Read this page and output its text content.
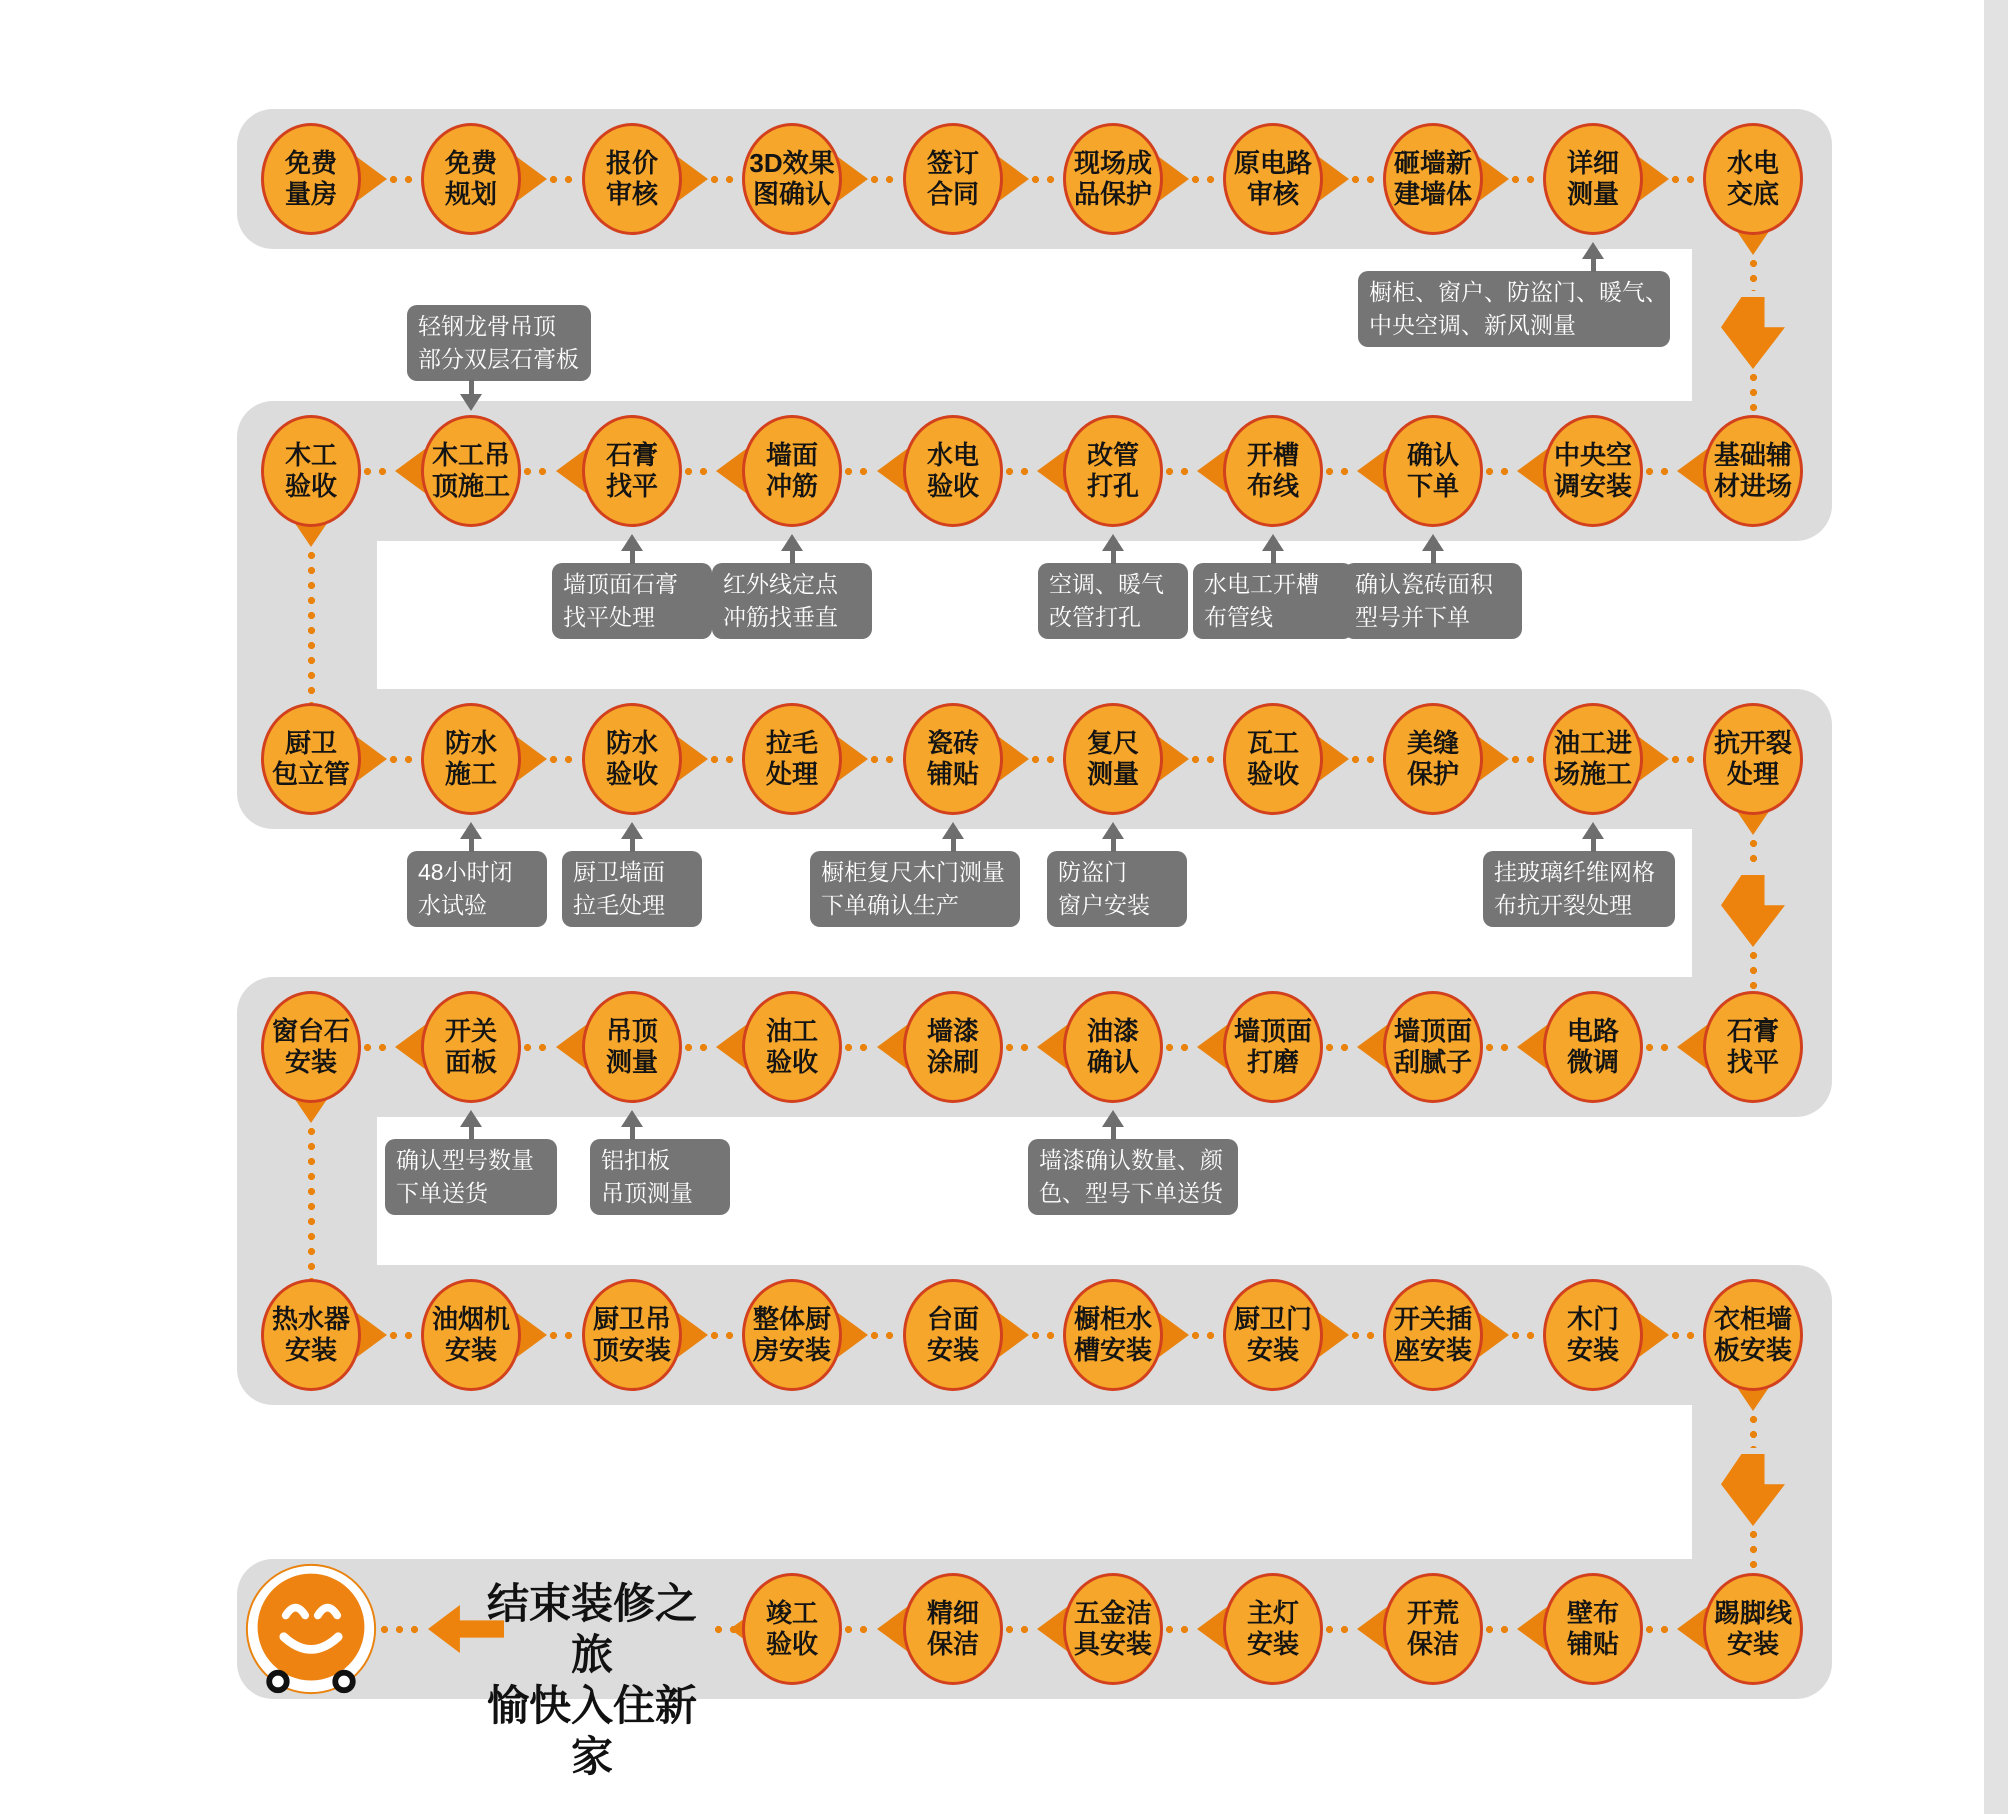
橱柜、窗户、防盗门、暖气、
中央空调、新风测量
轻钢龙骨吊顶
部分双层石膏板
墙顶面石膏
找平处理
红外线定点
冲筋找垂直
空调、暖气
改管打孔
水电工开槽
布管线
确认瓷砖面积
型号并下单
48小时闭
水试验
厨卫墙面
拉毛处理
橱柜复尺木门测量
下单确认生产
防盗门
窗户安装
挂玻璃纤维网格
布抗开裂处理
确认型号数量
下单送货
铝扣板
吊顶测量
墙漆确认数量、颜
色、型号下单送货
免费
量房
免费
规划
报价
审核
3D效果
图确认
签订
合同
现场成
品保护
原电路
审核
砸墙新
建墙体
详细
测量
水电
交底
木工
验收
木工吊
顶施工
石膏
找平
墙面
冲筋
水电
验收
改管
打孔
开槽
布线
确认
下单
中央空
调安装
基础辅
材进场
厨卫
包立管
防水
施工
防水
验收
拉毛
处理
瓷砖
铺贴
复尺
测量
瓦工
验收
美缝
保护
油工进
场施工
抗开裂
处理
窗台石
安装
开关
面板
吊顶
测量
油工
验收
墙漆
涂刷
油漆
确认
墙顶面
打磨
墙顶面
刮腻子
电路
微调
石膏
找平
热水器
安装
油烟机
安装
厨卫吊
顶安装
整体厨
房安装
台面
安装
橱柜水
槽安装
厨卫门
安装
开关插
座安装
木门
安装
衣柜墙
板安装
竣工
验收
精细
保洁
五金洁
具安装
主灯
安装
开荒
保洁
壁布
铺贴
踢脚线
安装
结束装修之旅
愉快入住新家
